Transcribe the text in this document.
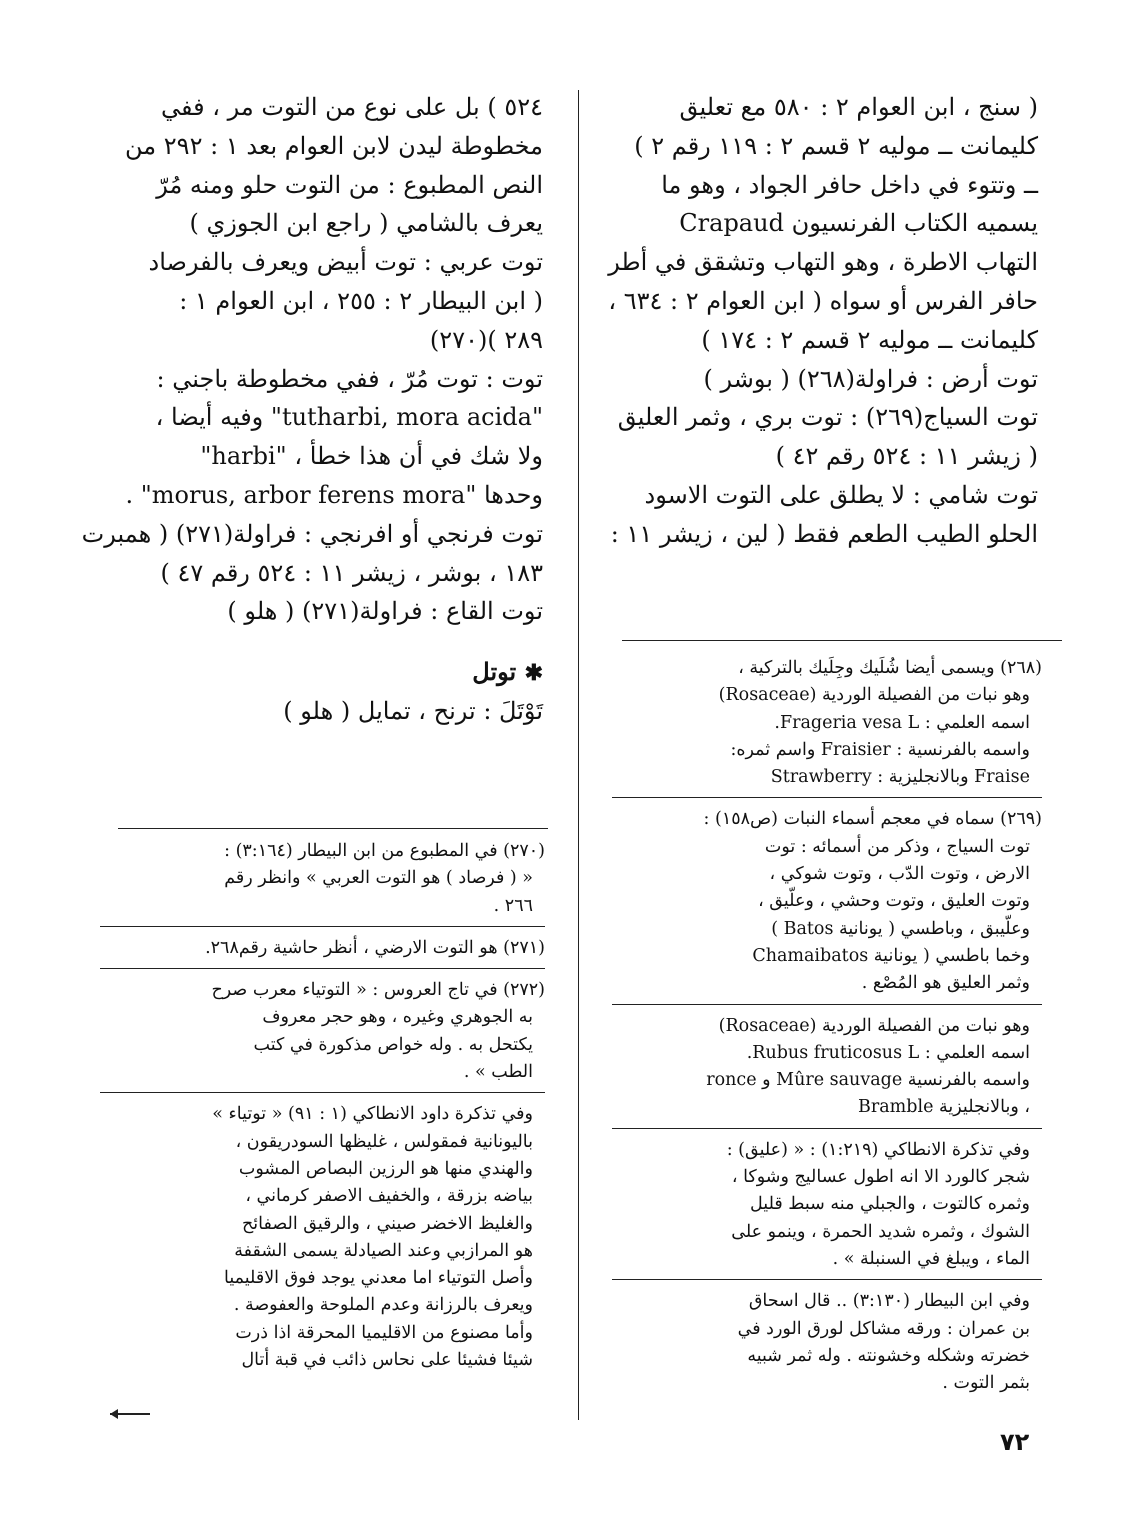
( سنج ، ابن العوام ٢ : ٥٨٠ مع تعليق
كليمانت ــ موليه ٢ قسم ٢ : ١١٩ رقم ٢ )
ــ وتتوء في داخل حافر الجواد ، وهو ما
يسميه الكتاب الفرنسيون Crapaud
التهاب الاطرة ، وهو التهاب وتشقق في أطر
حافر الفرس أو سواه ( ابن العوام ٢ : ٦٣٤ ،
كليمانت ــ موليه ٢ قسم ٢ : ١٧٤ )
توت أرض : فراولة(٢٦٨) ( بوشر )
توت السياج(٢٦٩) : توت بري ، وثمر العليق
( زيشر ١١ : ٥٢٤ رقم ٤٢ )
توت شامي : لا يطلق على التوت الاسود
الحلو الطيب الطعم فقط ( لين ، زيشر ١١ :
٥٢٤ ) بل على نوع من التوت مر ، ففي
مخطوطة ليدن لابن العوام بعد ١ : ٢٩٢ من
النص المطبوع : من التوت حلو ومنه مُرّ
يعرف بالشامي ( راجع ابن الجوزي )
توت عربي : توت أبيض ويعرف بالفرصاد
( ابن البيطار ٢ : ٢٥٥ ، ابن العوام ١ :
٢٨٩ )(٢٧٠)
توت : توت مُرّ ، ففي مخطوطة باجني :
"tutharbi, mora acida" وفيه أيضا ،
ولا شك في أن هذا خطأ ، "harbi"
وحدها "morus, arbor ferens mora" .
توت فرنجي أو افرنجي : فراولة(٢٧١) ( همبرت
١٨٣ ، بوشر ، زيشر ١١ : ٥٢٤ رقم ٤٧ )
توت القاع : فراولة(٢٧١) ( هلو )
✱ توتل
تَوْتَلَ : ترنح ، تمايل ( هلو )
(٢٦٨) ويسمى أيضا شُلَيك وجِلَيك بالتركية ،
وهو نبات من الفصيلة الوردية (Rosaceae)
اسمه العلمي : Frageria vesa L.
واسمه بالفرنسية : Fraisier واسم ثمره:
Fraise وبالانجليزية : Strawberry
(٢٦٩) سماه في معجم أسماء النبات (ص١٥٨) :
توت السياج ، وذكر من أسمائه : توت
الارض ، وتوت الدّب ، وتوت شوكي ،
وتوت العليق ، وتوت وحشي ، وعلّيق ،
وعلّيبق ، وباطسي ( يونانية Batos )
وخما باطسي ( يونانية Chamaibatos
وثمر العليق هو المُصْع .
وهو نبات من الفصيلة الوردية (Rosaceae)
اسمه العلمي : Rubus fruticosus L.
واسمه بالفرنسية Mûre sauvage و ronce
، وبالانجليزية Bramble
وفي تذكرة الانطاكي (١:٢١٩) : « (عليق) :
شجر كالورد الا انه اطول عساليج وشوكا ،
وثمره كالتوت ، والجبلي منه سبط قليل
الشوك ، وثمره شديد الحمرة ، وينمو على
الماء ، ويبلغ في السنبلة » .
وفي ابن البيطار (٣:١٣٠) .. قال اسحاق
بن عمران : ورقه مشاكل لورق الورد في
خضرته وشكله وخشونته . وله ثمر شبيه
بثمر التوت .
(٢٧٠) في المطبوع من ابن البيطار (٣:١٦٤) :
« ( فرصاد ) هو التوت العربي » وانظر رقم
٢٦٦ .
(٢٧١) هو التوت الارضي ، أنظر حاشية رقم٢٦٨.
(٢٧٢) في تاج العروس : « التوتياء معرب صرح
به الجوهري وغيره ، وهو حجر معروف
يكتحل به . وله خواص مذكورة في كتب
الطب » .
وفي تذكرة داود الانطاكي (١ : ٩١) « توتياء »
باليونانية فمقولس ، غليظها السودريقون ،
والهندي منها هو الرزين البصاص المشوب
بياضه بزرقة ، والخفيف الاصفر كرماني ،
والغليظ الاخضر صيني ، والرقيق الصفائح
هو المرازبي وعند الصيادلة يسمى الشقفة
وأصل التوتياء اما معدني يوجد فوق الاقليميا
ويعرف بالرزانة وعدم الملوحة والعفوصة .
وأما مصنوع من الاقليميا المحرقة اذا ذرت
شيئا فشيئا على نحاس ذائب في قبة أتال
٧٢
